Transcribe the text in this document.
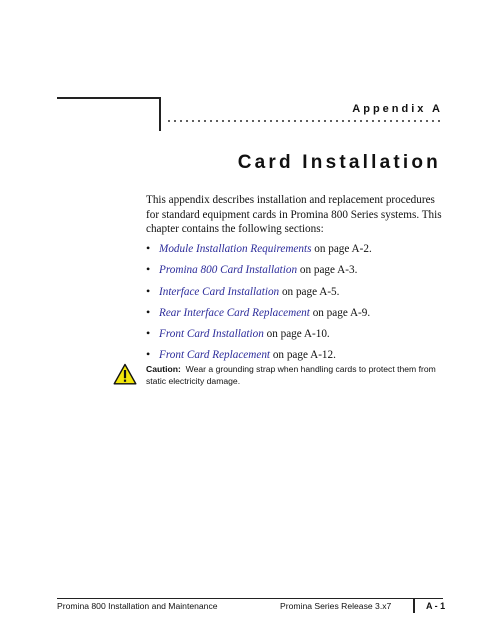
Appendix A
Card Installation

This appendix describes installation and replacement procedures for standard equipment cards in Promina 800 Series systems. This chapter contains the following sections:

• Module Installation Requirements on page A-2.
• Promina 800 Card Installation on page A-3.
• Interface Card Installation on page A-5.
• Rear Interface Card Replacement on page A-9.
• Front Card Installation on page A-10.
• Front Card Replacement on page A-12.

Caution:  Wear a grounding strap when handling cards to protect them from static electricity damage.

Promina 800 Installation and Maintenance	Promina Series Release 3.x7	A - 1
